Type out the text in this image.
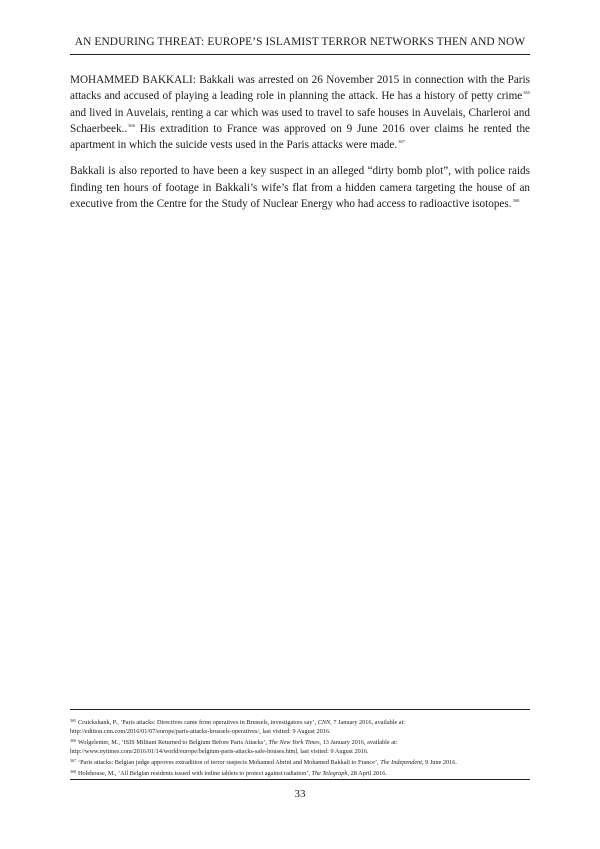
AN ENDURING THREAT: EUROPE’S ISLAMIST TERROR NETWORKS THEN AND NOW

MOHAMMED BAKKALI: Bakkali was arrested on 26 November 2015 in connection with the Paris attacks and accused of playing a leading role in planning the attack. He has a history of petty crime$^{365}$ and lived in Auvelais, renting a car which was used to travel to safe houses in Auvelais, Charleroi and Schaerbeek..$^{366}$ His extradition to France was approved on 9 June 2016 over claims he rented the apartment in which the suicide vests used in the Paris attacks were made.$^{367}$

Bakkali is also reported to have been a key suspect in an alleged “dirty bomb plot”, with police raids finding ten hours of footage in Bakkali’s wife’s flat from a hidden camera targeting the house of an executive from the Centre for the Study of Nuclear Energy who had access to radioactive isotopes.$^{368}$

$^{365}$ Cruickshank, P., ‘Paris attacks: Directives came from operatives in Brussels, investigators say’, CNN, 7 January 2016, available at:
http://edition.cnn.com/2016/01/07/europe/paris-attacks-brussels-operatives/, last visited: 9 August 2016.
$^{366}$ Wolgelenter, M., ‘ISIS Militant Returned to Belgium Before Paris Attacks’, The New York Times, 13 January 2016, available at:
http://www.nytimes.com/2016/01/14/world/europe/belgium-paris-attacks-safe-houses.html, last visited: 9 August 2016.
$^{367}$ ‘Paris attacks: Belgian judge approves extradition of terror suspects Mohamed Abrini and Mohamed Bakkali to France’, The Independent, 9 June 2016.
$^{368}$ Holehouse, M., ‘All Belgian residents issued with iodine tablets to protect against radiation’, The Telegraph, 28 April 2016.
33
